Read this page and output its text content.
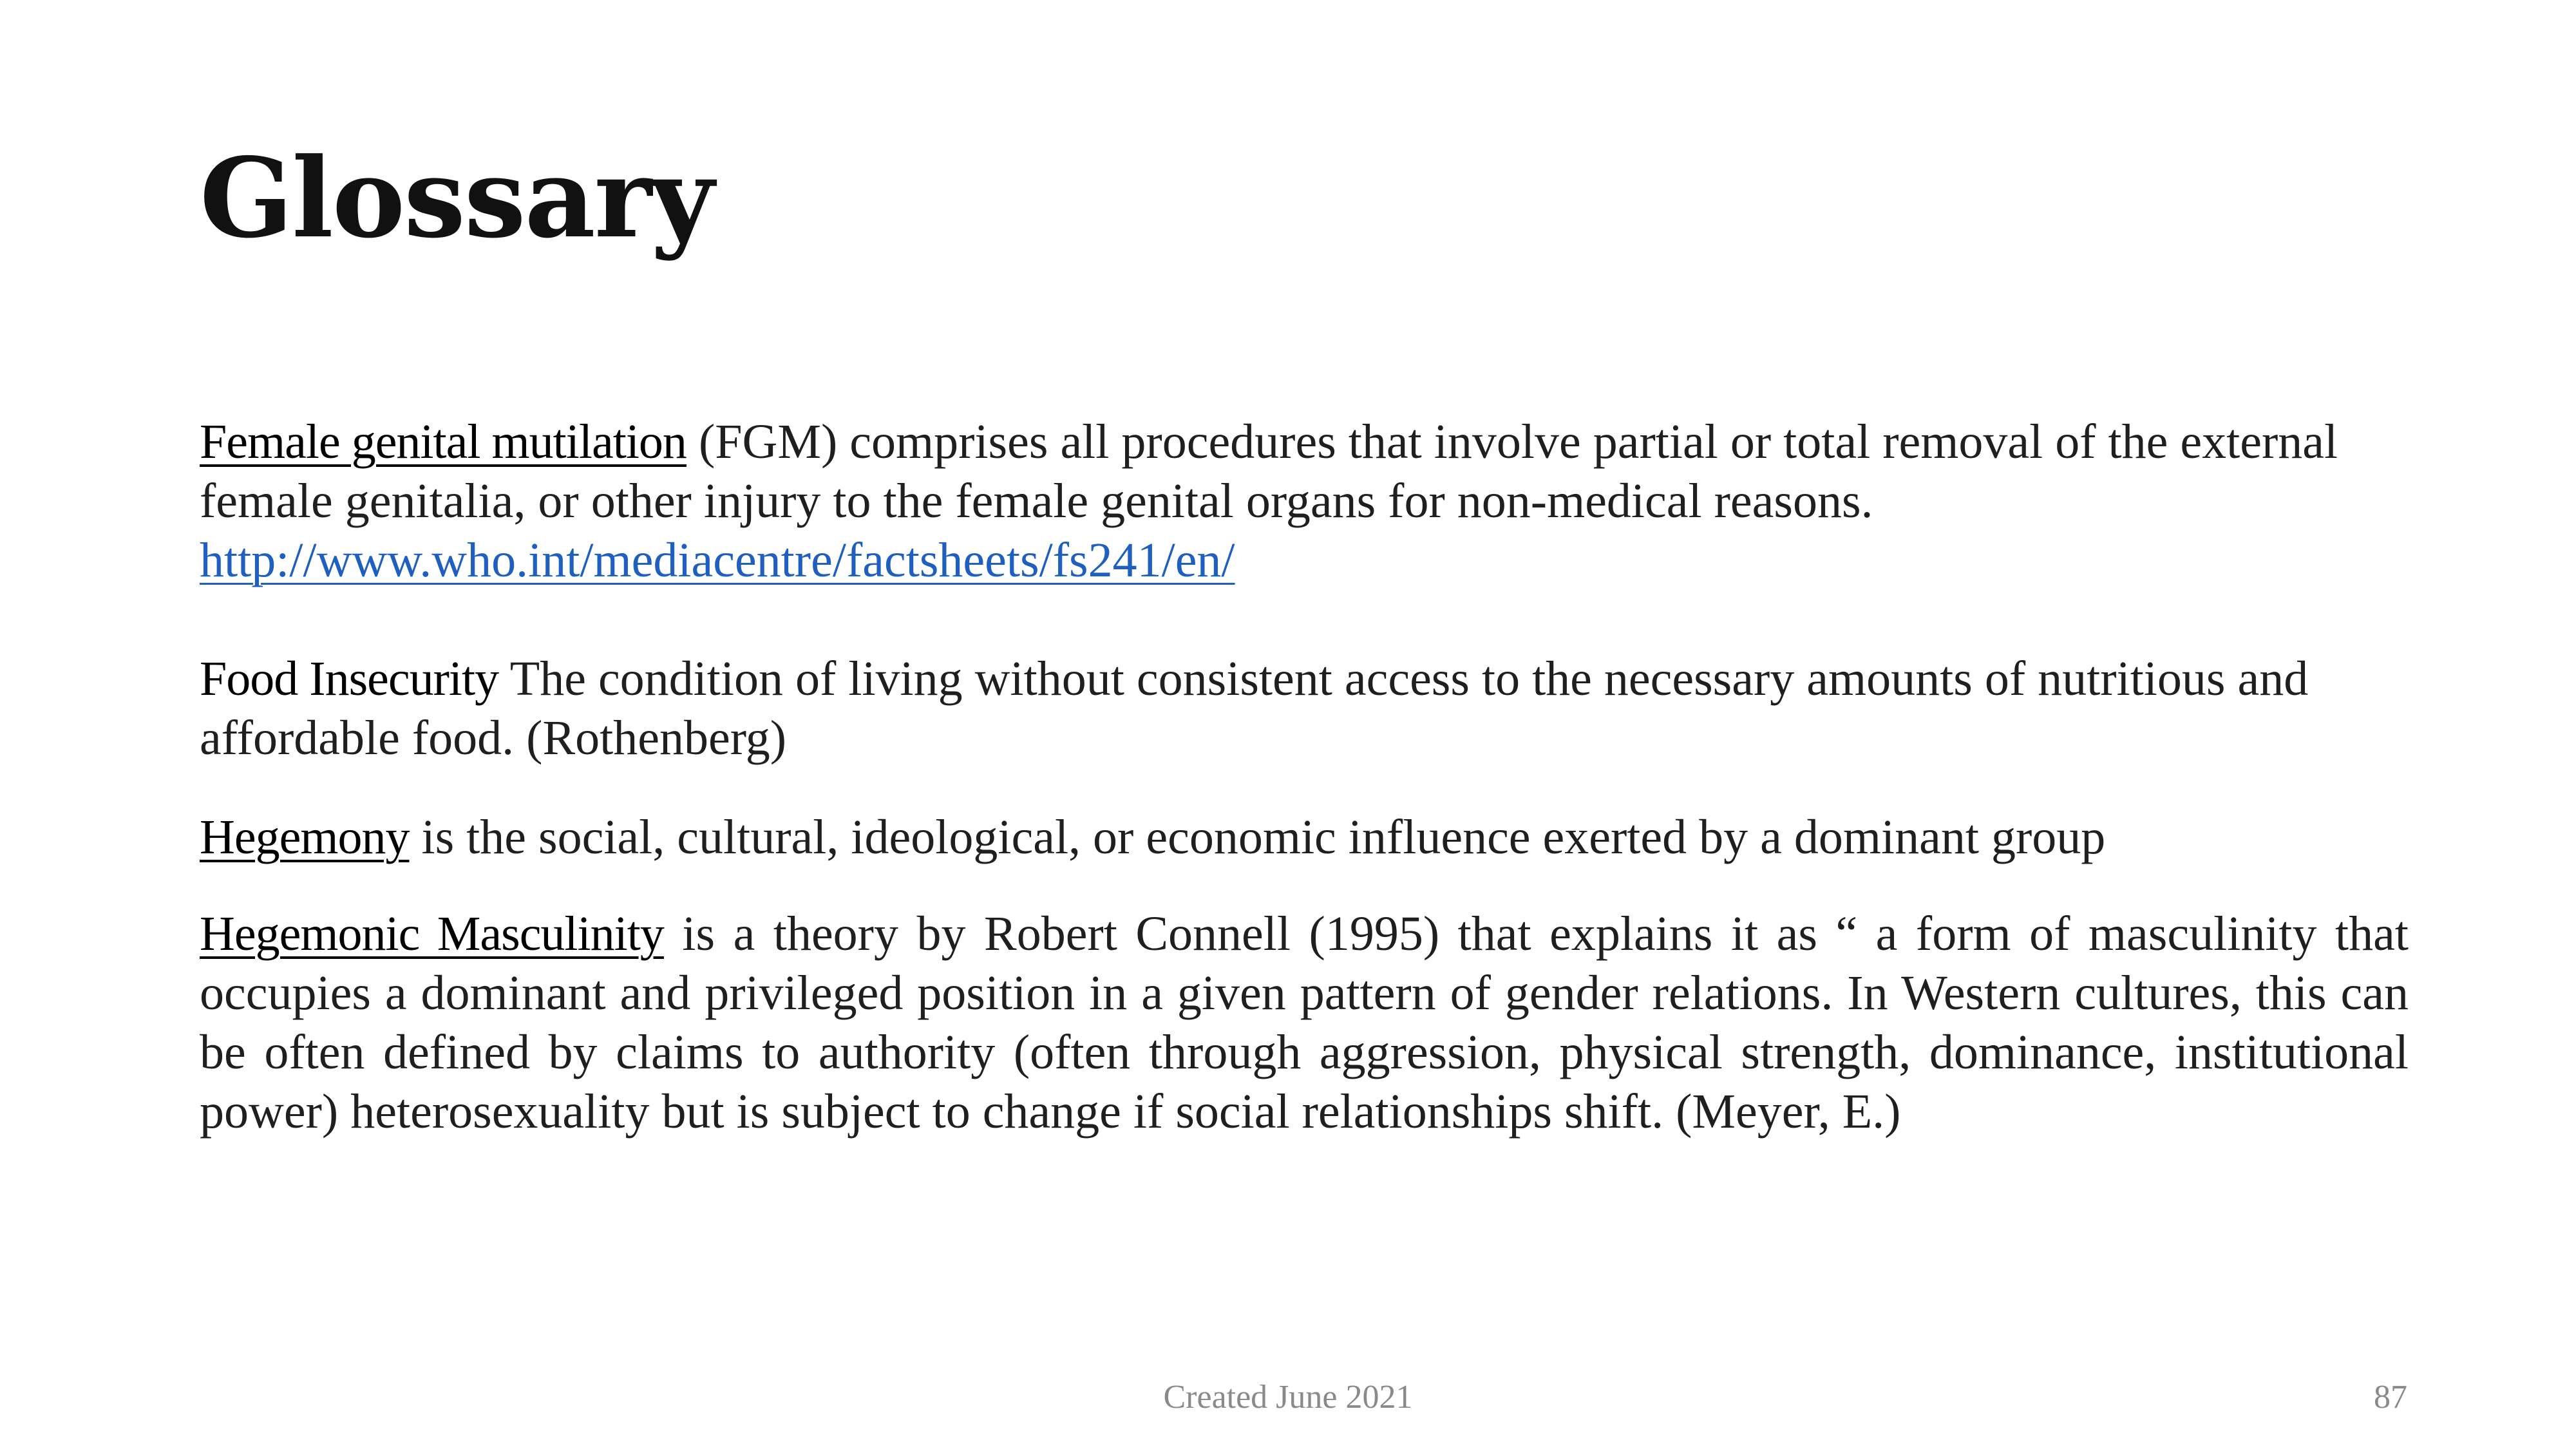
Glossary

Female genital mutilation (FGM) comprises all procedures that involve partial or total removal of the external female genitalia, or other injury to the female genital organs for non-medical reasons.
http://www.who.int/mediacentre/factsheets/fs241/en/

Food Insecurity The condition of living without consistent access to the necessary amounts of nutritious and affordable food. (Rothenberg)

Hegemony is the social, cultural, ideological, or economic influence exerted by a dominant group

Hegemonic Masculinity is a theory by Robert Connell (1995) that explains it as “ a form of masculinity that occupies a dominant and privileged position in a given pattern of gender relations. In Western cultures, this can be often defined by claims to authority (often through aggression, physical strength, dominance, institutional power) heterosexuality but is subject to change if social relationships shift. (Meyer, E.)

Created June 2021	87
